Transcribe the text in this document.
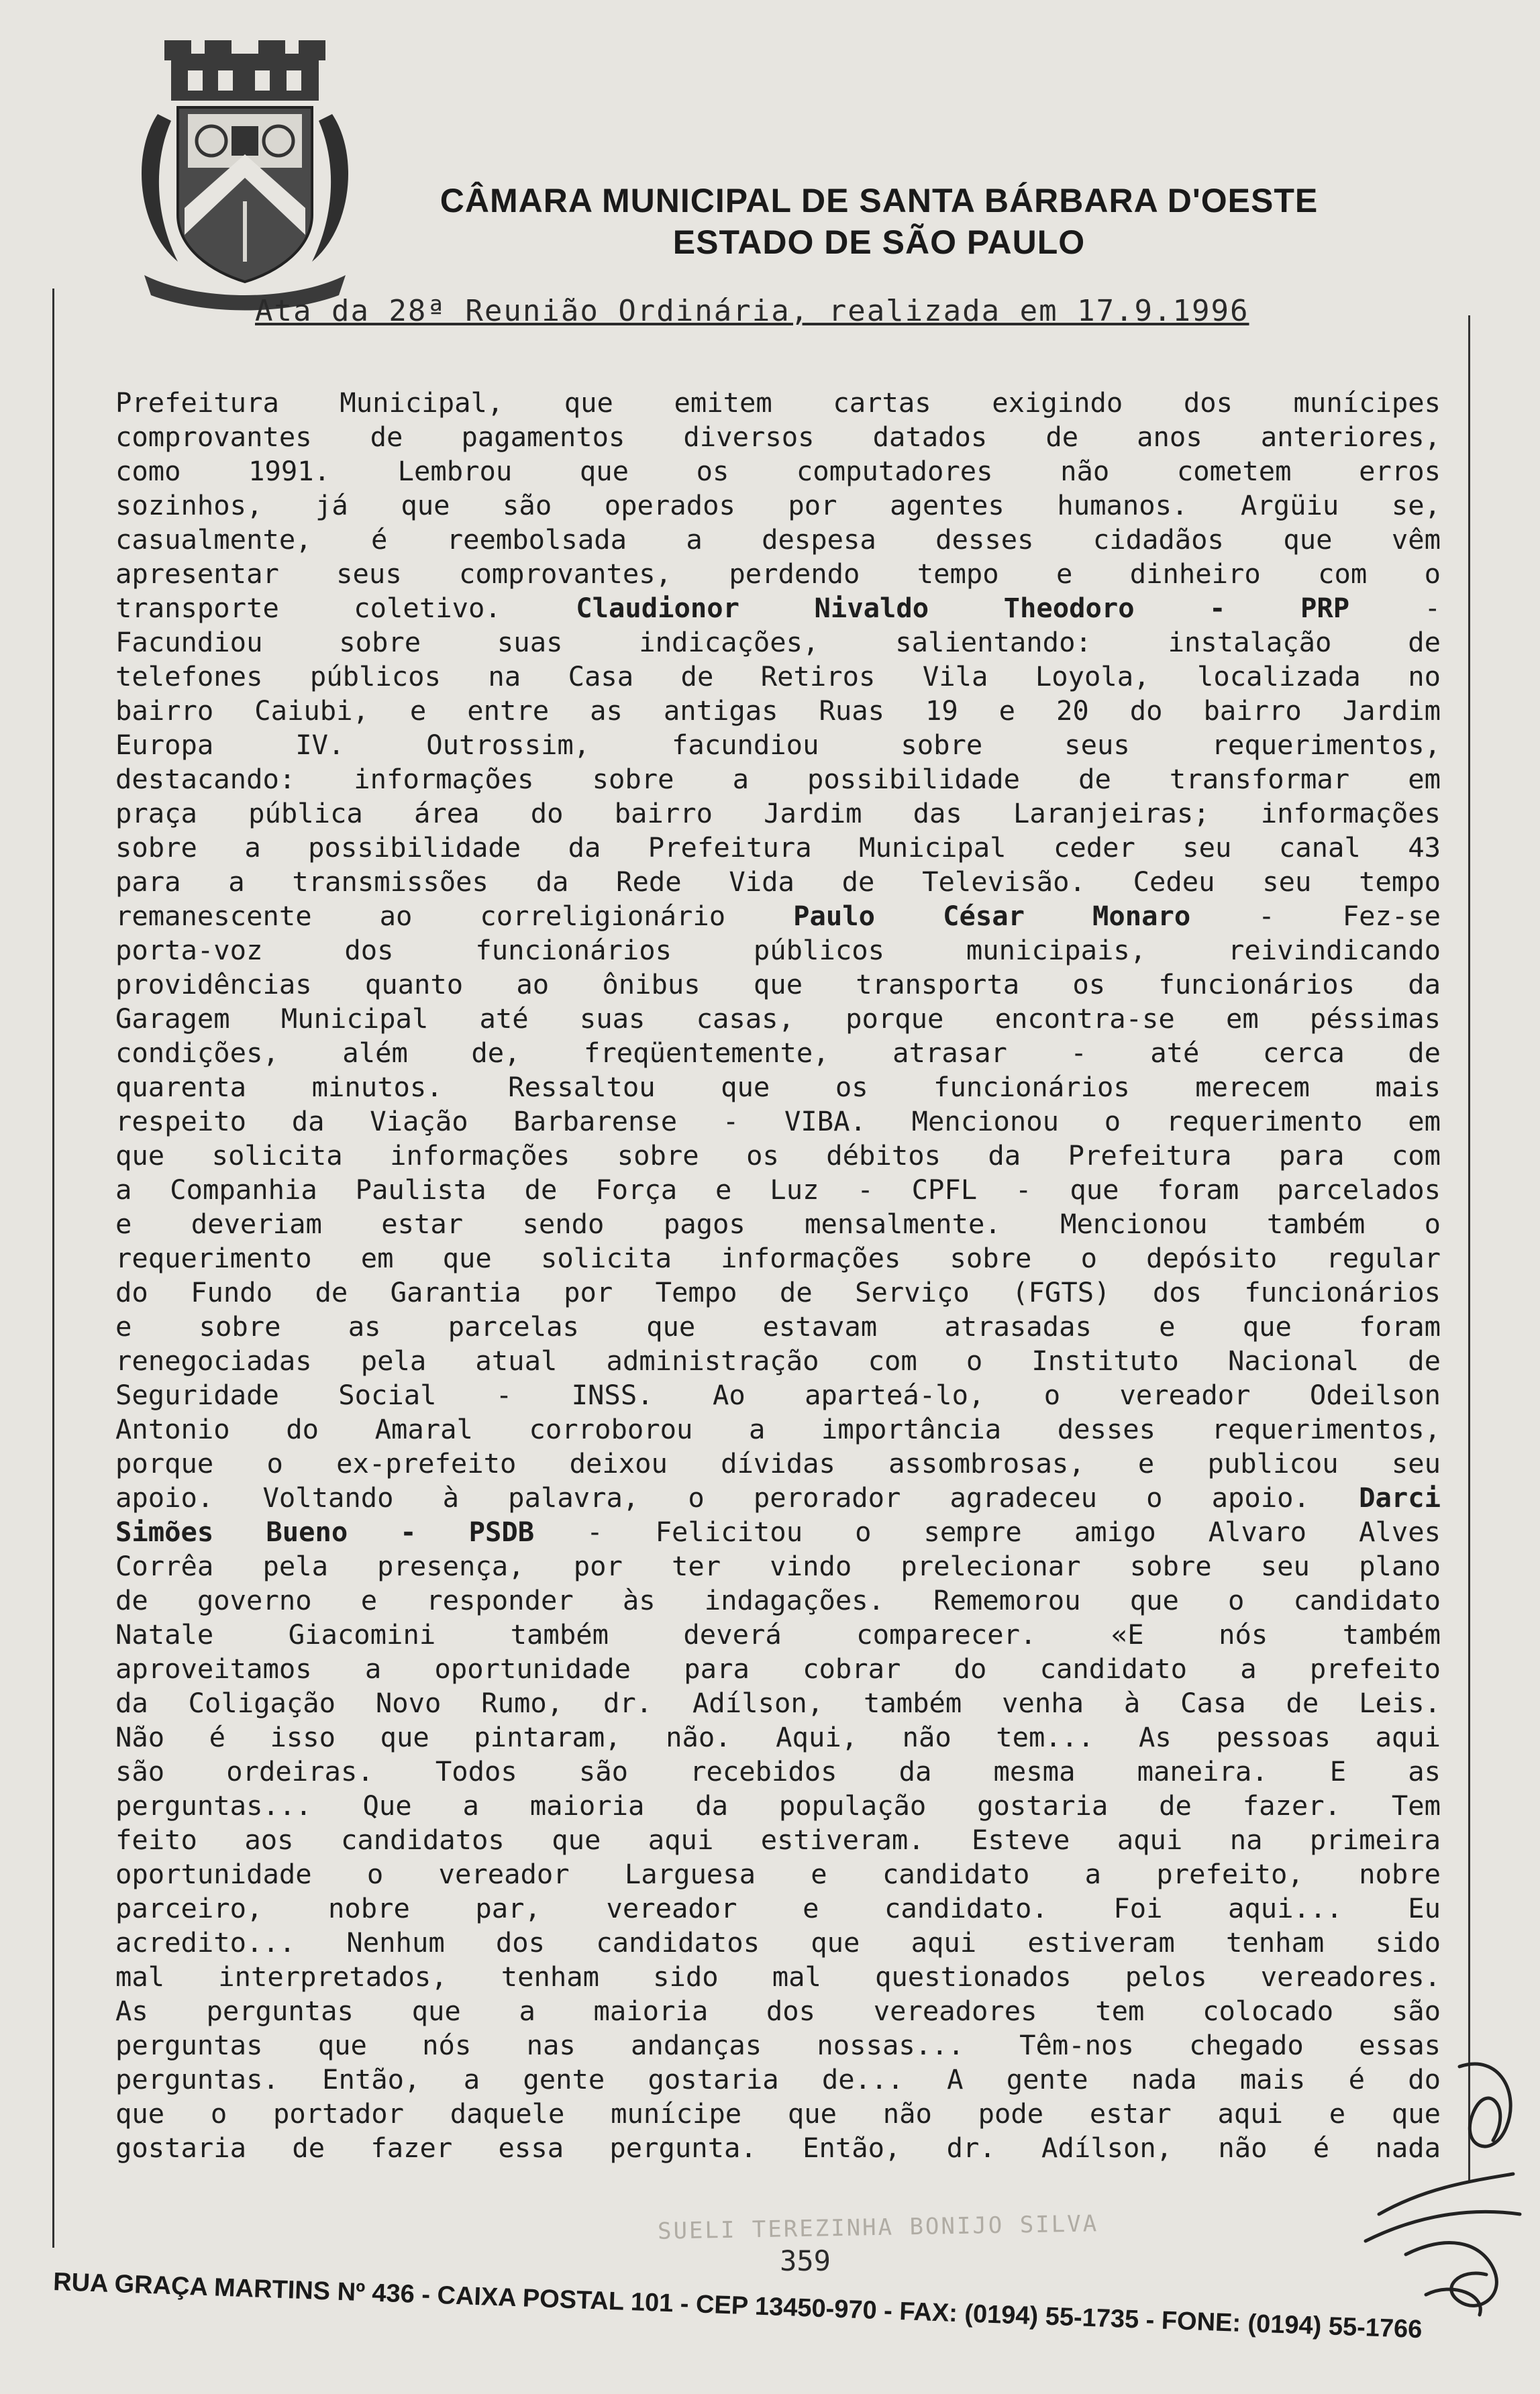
CÂMARA MUNICIPAL DE SANTA BÁRBARA D'OESTE
ESTADO DE SÃO PAULO
Ata da 28ª Reunião Ordinária, realizada em 17.9.1996
Prefeitura Municipal, que emitem cartas exigindo dos munícipes
comprovantes de pagamentos diversos datados de anos anteriores,
como 1991. Lembrou que os computadores não cometem erros
sozinhos, já que são operados por agentes humanos. Argüiu se,
casualmente, é reembolsada a despesa desses cidadãos que vêm
apresentar seus comprovantes, perdendo tempo e dinheiro com o
transporte coletivo. Claudionor Nivaldo Theodoro - PRP -
Facundiou sobre suas indicações, salientando: instalação de
telefones públicos na Casa de Retiros Vila Loyola, localizada no
bairro Caiubi, e entre as antigas Ruas 19 e 20 do bairro Jardim
Europa IV. Outrossim, facundiou sobre seus requerimentos,
destacando: informações sobre a possibilidade de transformar em
praça pública área do bairro Jardim das Laranjeiras; informações
sobre a possibilidade da Prefeitura Municipal ceder seu canal 43
para a transmissões da Rede Vida de Televisão. Cedeu seu tempo
remanescente ao correligionário Paulo César Monaro - Fez-se
porta-voz dos funcionários públicos municipais, reivindicando
providências quanto ao ônibus que transporta os funcionários da
Garagem Municipal até suas casas, porque encontra-se em péssimas
condições, além de, freqüentemente, atrasar - até cerca de
quarenta minutos. Ressaltou que os funcionários merecem mais
respeito da Viação Barbarense - VIBA. Mencionou o requerimento em
que solicita informações sobre os débitos da Prefeitura para com
a Companhia Paulista de Força e Luz - CPFL - que foram parcelados
e deveriam estar sendo pagos mensalmente. Mencionou também o
requerimento em que solicita informações sobre o depósito regular
do Fundo de Garantia por Tempo de Serviço (FGTS) dos funcionários
e sobre as parcelas que estavam atrasadas e que foram
renegociadas pela atual administração com o Instituto Nacional de
Seguridade Social - INSS. Ao aparteá-lo, o vereador Odeilson
Antonio do Amaral corroborou a importância desses requerimentos,
porque o ex-prefeito deixou dívidas assombrosas, e publicou seu
apoio. Voltando à palavra, o perorador agradeceu o apoio. Darci
Simões Bueno - PSDB - Felicitou o sempre amigo Alvaro Alves
Corrêa pela presença, por ter vindo prelecionar sobre seu plano
de governo e responder às indagações. Rememorou que o candidato
Natale Giacomini também deverá comparecer. «E nós também
aproveitamos a oportunidade para cobrar do candidato a prefeito
da Coligação Novo Rumo, dr. Adílson, também venha à Casa de Leis.
Não é isso que pintaram, não. Aqui, não tem... As pessoas aqui
são ordeiras. Todos são recebidos da mesma maneira. E as
perguntas... Que a maioria da população gostaria de fazer. Tem
feito aos candidatos que aqui estiveram. Esteve aqui na primeira
oportunidade o vereador Larguesa e candidato a prefeito, nobre
parceiro, nobre par, vereador e candidato. Foi aqui... Eu
acredito... Nenhum dos candidatos que aqui estiveram tenham sido
mal interpretados, tenham sido mal questionados pelos vereadores.
As perguntas que a maioria dos vereadores tem colocado são
perguntas que nós nas andanças nossas... Têm-nos chegado essas
perguntas. Então, a gente gostaria de... A gente nada mais é do
que o portador daquele munícipe que não pode estar aqui e que
gostaria de fazer essa pergunta. Então, dr. Adílson, não é nada
SUELI TEREZINHA BONIJO SILVA
359
RUA GRAÇA MARTINS Nº 436 - CAIXA POSTAL 101 - CEP 13450-970 - FAX: (0194) 55-1735 - FONE: (0194) 55-1766
